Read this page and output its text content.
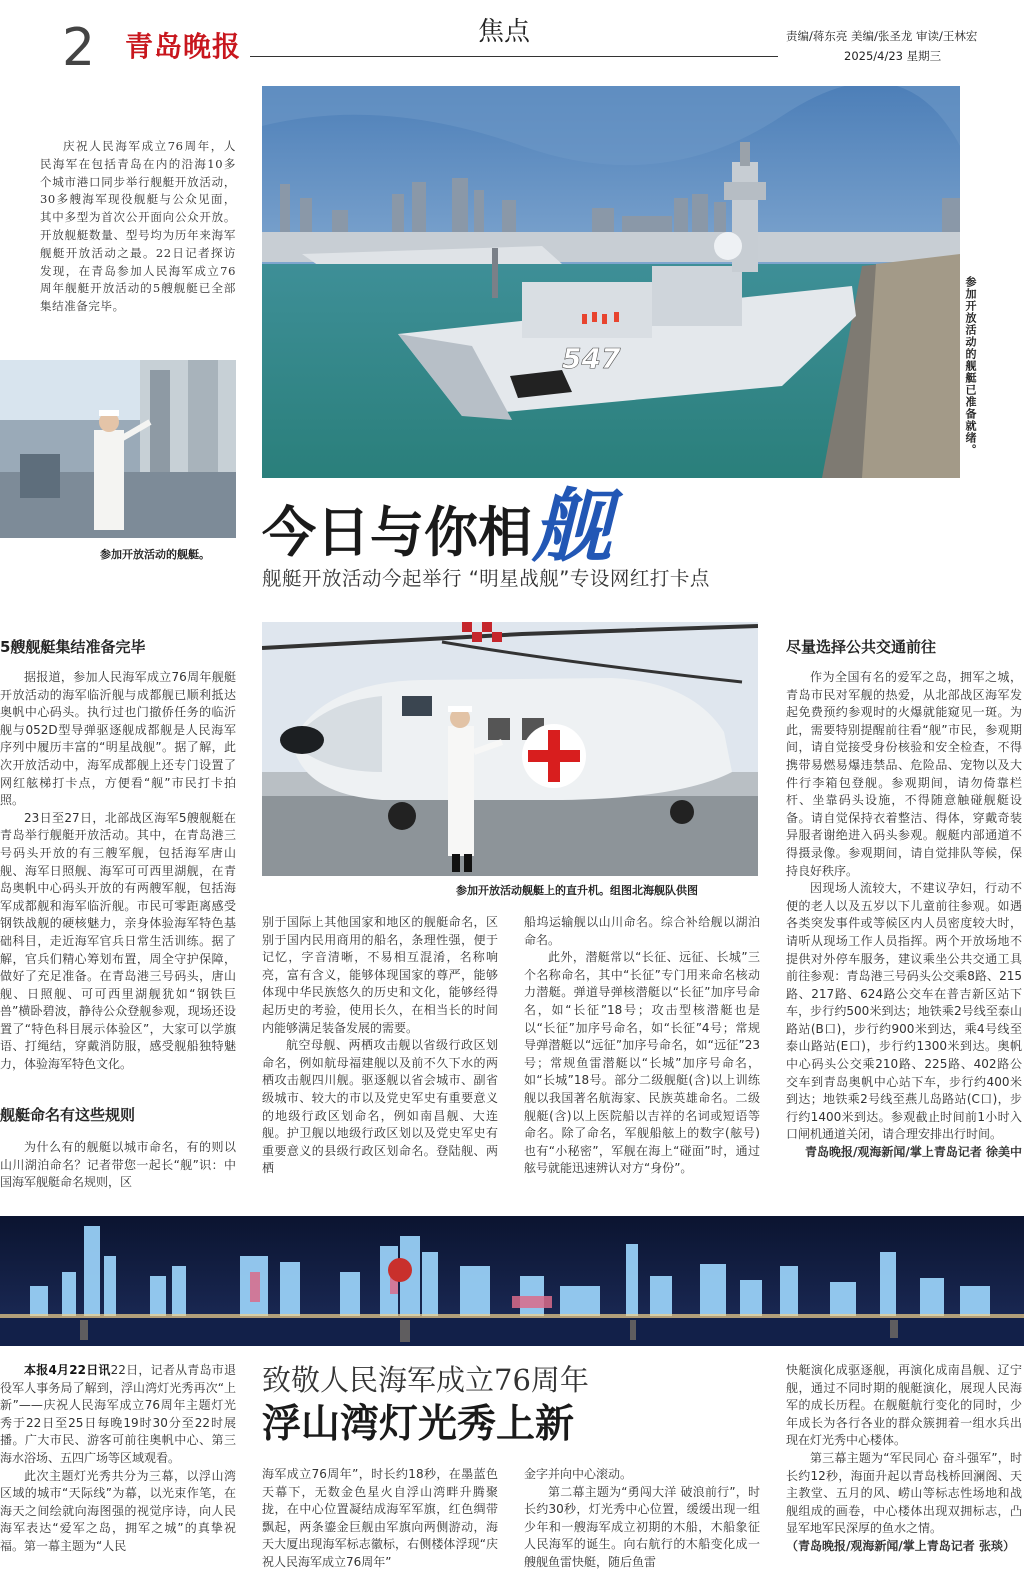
2 青岛晚报	焦点	责编/蒋东亮 美编/张圣龙 审读/王林宏
2025/4/23 星期三

庆祝人民海军成立76周年，人民海军在包括青岛在内的沿海10多个城市港口同步举行舰艇开放活动，30多艘海军现役舰艇与公众见面，其中多型为首次公开面向公众开放。开放舰艇数量、型号均为历年来海军舰艇开放活动之最。22日记者探访发现，在青岛参加人民海军成立76周年舰艇开放活动的5艘舰艇已全部集结准备完毕。

参加开放活动的舰艇。
547	参加开放活动的舰艇已准备就绪。
今日与你相舰
舰艇开放活动今起举行 “明星战舰”专设网红打卡点
参加开放活动舰艇上的直升机。组图北海舰队供图
5艘舰艇集结准备完毕

据报道，参加人民海军成立76周年舰艇开放活动的海军临沂舰与成都舰已顺利抵达奥帆中心码头。执行过也门撤侨任务的临沂舰与052D型导弹驱逐舰成都舰是人民海军序列中履历丰富的“明星战舰”。据了解，此次开放活动中，海军成都舰上还专门设置了网红舷梯打卡点，方便看“舰”市民打卡拍照。

23日至27日，北部战区海军5艘舰艇在青岛举行舰艇开放活动。其中，在青岛港三号码头开放的有三艘军舰，包括海军唐山舰、海军日照舰、海军可可西里湖舰，在青岛奥帆中心码头开放的有两艘军舰，包括海军成都舰和海军临沂舰。市民可零距离感受钢铁战舰的硬核魅力，亲身体验海军特色基础科目，走近海军官兵日常生活训练。据了解，官兵们精心筹划布置，周全守护保障，做好了充足准备。在青岛港三号码头，唐山舰、日照舰、可可西里湖舰犹如“钢铁巨兽”横卧碧波，静待公众登舰参观，现场还设置了“特色科目展示体验区”，大家可以学旗语、打绳结，穿戴消防服，感受舰船独特魅力，体验海军特色文化。

舰艇命名有这些规则

为什么有的舰艇以城市命名，有的则以山川湖泊命名？记者带您一起长“舰”识：中国海军舰艇命名规则，区

别于国际上其他国家和地区的舰艇命名，区别于国内民用商用的船名，条理性强，便于记忆，字音清晰，不易相互混淆，名称响亮，富有含义，能够体现国家的尊严，能够体现中华民族悠久的历史和文化，能够经得起历史的考验，使用长久，在相当长的时间内能够满足装备发展的需要。

航空母舰、两栖攻击舰以省级行政区划命名，例如航母福建舰以及前不久下水的两栖攻击舰四川舰。驱逐舰以省会城市、副省级城市、较大的市以及党史军史有重要意义的地级行政区划命名，例如南昌舰、大连舰。护卫舰以地级行政区划以及党史军史有重要意义的县级行政区划命名。登陆舰、两栖

船坞运输舰以山川命名。综合补给舰以湖泊命名。

此外，潜艇常以“长征、远征、长城”三个名称命名，其中“长征”专门用来命名核动力潜艇。弹道导弹核潜艇以“长征”加序号命名，如“长征”18号；攻击型核潜艇也是以“长征”加序号命名，如“长征”4号；常规导弹潜艇以“远征”加序号命名，如“远征”23号；常规鱼雷潜艇以“长城”加序号命名，如“长城”18号。部分二级舰艇(含)以上训练舰以我国著名航海家、民族英雄命名。二级舰艇(含)以上医院船以吉祥的名词或短语等命名。除了命名，军舰船舷上的数字(舷号)也有“小秘密”，军舰在海上“碰面”时，通过舷号就能迅速辨认对方“身份”。

尽量选择公共交通前往

作为全国有名的爱军之岛，拥军之城，青岛市民对军舰的热爱，从北部战区海军发起免费预约参观时的火爆就能窥见一斑。为此，需要特别提醒前往看“舰”市民，参观期间，请自觉接受身份核验和安全检查，不得携带易燃易爆违禁品、危险品、宠物以及大件行李箱包登舰。参观期间，请勿倚靠栏杆、坐靠码头设施，不得随意触碰舰艇设备。请自觉保持衣着整洁、得体，穿戴奇装异服者谢绝进入码头参观。舰艇内部通道不得摄录像。参观期间，请自觉排队等候，保持良好秩序。

因现场人流较大，不建议孕妇，行动不便的老人以及五岁以下儿童前往参观。如遇各类突发事件或等候区内人员密度较大时，请听从现场工作人员指挥。两个开放场地不提供对外停车服务，建议乘坐公共交通工具前往参观：青岛港三号码头公交乘8路、215路、217路、624路公交车在普吉新区站下车，步行约500米到达；地铁乘2号线至泰山路站(B口)，步行约900米到达，乘4号线至泰山路站(E口)，步行约1300米到达。奥帆中心码头公交乘210路、225路、402路公交车到青岛奥帆中心站下车，步行约400米到达；地铁乘2号线至燕儿岛路站(C口)，步行约1400米到达。参观截止时间前1小时入口闸机通道关闭，请合理安排出行时间。

青岛晚报/观海新闻/掌上青岛记者 徐美中

致敬人民海军成立76周年
浮山湾灯光秀上新

本报4月22日讯22日，记者从青岛市退役军人事务局了解到，浮山湾灯光秀再次“上新”——庆祝人民海军成立76周年主题灯光秀于22日至25日每晚19时30分至22时展播。广大市民、游客可前往奥帆中心、第三海水浴场、五四广场等区域观看。

此次主题灯光秀共分为三幕，以浮山湾区域的城市“天际线”为幕，以光束作笔，在海天之间绘就向海图强的视觉序诗，向人民海军表达“爱军之岛，拥军之城”的真挚祝福。第一幕主题为“人民

海军成立76周年”，时长约18秒，在墨蓝色天幕下，无数金色星火自浮山湾畔升腾聚拢，在中心位置凝结成海军军旗，红色绸带飘起，两条鎏金巨舰由军旗向两侧游动，海天大厦出现海军标志徽标，右侧楼体浮现“庆祝人民海军成立76周年”

金字并向中心滚动。

第二幕主题为“勇闯大洋 破浪前行”，时长约30秒，灯光秀中心位置，缓缓出现一组少年和一艘海军成立初期的木船，木船象征人民海军的诞生。向右航行的木船变化成一艘舰鱼雷快艇，随后鱼雷

快艇演化成驱逐舰，再演化成南昌舰、辽宁舰，通过不同时期的舰艇演化，展现人民海军的成长历程。在舰艇航行变化的同时，少年成长为各行各业的群众簇拥着一组水兵出现在灯光秀中心楼体。

第三幕主题为“军民同心 奋斗强军”，时长约12秒，海面升起以青岛栈桥回澜阁、天主教堂、五月的风、崂山等标志性场地和战舰组成的画卷，中心楼体出现双拥标志，凸显军地军民深厚的鱼水之情。

（青岛晚报/观海新闻/掌上青岛记者 张琰）
